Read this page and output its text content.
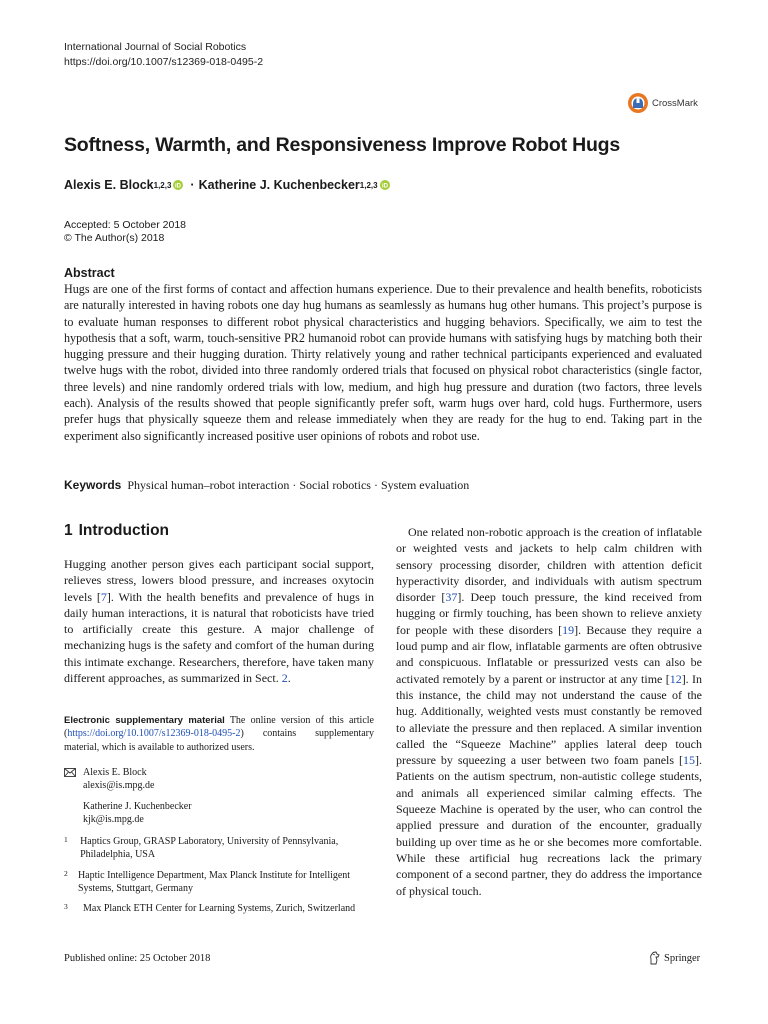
International Journal of Social Robotics
https://doi.org/10.1007/s12369-018-0495-2
CrossMark
Softness, Warmth, and Responsiveness Improve Robot Hugs
Alexis E. Block 1,2,3 iD · Katherine J. Kuchenbecker 1,2,3 iD
Accepted: 5 October 2018
© The Author(s) 2018
Abstract
Hugs are one of the first forms of contact and affection humans experience. Due to their prevalence and health benefits, roboticists are naturally interested in having robots one day hug humans as seamlessly as humans hug other humans. This project’s purpose is to evaluate human responses to different robot physical characteristics and hugging behaviors. Specifically, we aim to test the hypothesis that a soft, warm, touch-sensitive PR2 humanoid robot can provide humans with satisfying hugs by matching both their hugging pressure and their hugging duration. Thirty relatively young and rather technical participants experienced and evaluated twelve hugs with the robot, divided into three randomly ordered trials that focused on physical robot characteristics (single factor, three levels) and nine randomly ordered trials with low, medium, and high hug pressure and duration (two factors, three levels each). Analysis of the results showed that people significantly prefer soft, warm hugs over hard, cold hugs. Furthermore, users prefer hugs that physically squeeze them and release immediately when they are ready for the hug to end. Taking part in the experiment also significantly increased positive user opinions of robots and robot use.
Keywords Physical human–robot interaction · Social robotics · System evaluation
1 Introduction
Hugging another person gives each participant social support, relieves stress, lowers blood pressure, and increases oxytocin levels [7]. With the health benefits and prevalence of hugs in daily human interactions, it is natural that roboticists have tried to artificially create this gesture. A major challenge of mechanizing hugs is the safety and comfort of the human during this intimate exchange. Researchers, therefore, have taken many different approaches, as summarized in Sect. 2.
One related non-robotic approach is the creation of inflatable or weighted vests and jackets to help calm children with sensory processing disorder, children with attention deficit hyperactivity disorder, and individuals with autism spectrum disorder [37]. Deep touch pressure, the kind received from hugging or firmly touching, has been shown to relieve anxiety for people with these disorders [19]. Because they require a loud pump and air flow, inflatable garments are often obtrusive and conspicuous. Inflatable or pressurized vests can also be activated remotely by a parent or instructor at any time [12]. In this instance, the child may not understand the cause of the hug. Additionally, weighted vests must constantly be removed to alleviate the pressure and then replaced. A similar invention called the “Squeeze Machine” applies lateral deep touch pressure by squeezing a user between two foam panels [15]. Patients on the autism spectrum, non-autistic college students, and animals all experienced similar calming effects. The Squeeze Machine is operated by the user, who can control the applied pressure and duration of the encounter, gradually building up over time as he or she becomes more comfortable. While these artificial hug recreations lack the primary component of a second partner, they do address the importance of physical touch.
Electronic supplementary material The online version of this article (https://doi.org/10.1007/s12369-018-0495-2) contains supplementary material, which is available to authorized users.
Alexis E. Block
alexis@is.mpg.de
Katherine J. Kuchenbecker
kjk@is.mpg.de
1	Haptics Group, GRASP Laboratory, University of Pennsylvania, Philadelphia, USA
2	Haptic Intelligence Department, Max Planck Institute for Intelligent Systems, Stuttgart, Germany
3	Max Planck ETH Center for Learning Systems, Zurich, Switzerland
Published online: 25 October 2018	Springer
